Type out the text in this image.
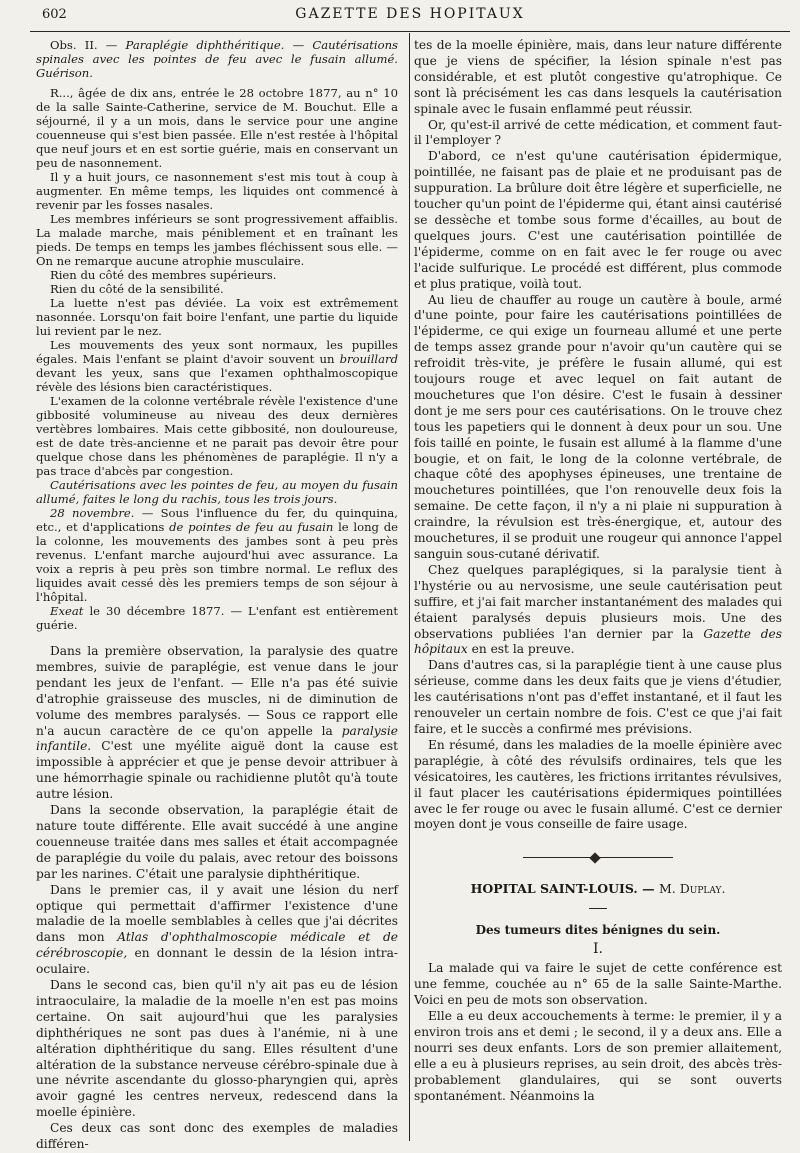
602	GAZETTE DES HOPITAUX

Obs. II. — Paraplégie diphthéritique. — Cautérisations spinales avec les pointes de feu avec le fusain allumé. Guérison.

R..., âgée de dix ans, entrée le 28 octobre 1877, au n° 10 de la salle Sainte-Catherine, service de M. Bouchut. Elle a séjourné, il y a un mois, dans le service pour une angine couenneuse qui s'est bien passée. Elle n'est restée à l'hôpital que neuf jours et en est sortie guérie, mais en conservant un peu de nasonnement.

Il y a huit jours, ce nasonnement s'est mis tout à coup à augmenter. En même temps, les liquides ont commencé à revenir par les fosses nasales.

Les membres inférieurs se sont progressivement affaiblis. La malade marche, mais péniblement et en traînant les pieds. De temps en temps les jambes fléchissent sous elle. — On ne remarque aucune atrophie musculaire.

Rien du côté des membres supérieurs.

Rien du côté de la sensibilité.

La luette n'est pas déviée. La voix est extrêmement nasonnée. Lorsqu'on fait boire l'enfant, une partie du liquide lui revient par le nez.

Les mouvements des yeux sont normaux, les pupilles égales. Mais l'enfant se plaint d'avoir souvent un brouillard devant les yeux, sans que l'examen ophthalmoscopique révèle des lésions bien caractéristiques.

L'examen de la colonne vertébrale révèle l'existence d'une gibbosité volumineuse au niveau des deux dernières vertèbres lombaires. Mais cette gibbosité, non douloureuse, est de date très-ancienne et ne parait pas devoir être pour quelque chose dans les phénomènes de paraplégie. Il n'y a pas trace d'abcès par congestion.

Cautérisations avec les pointes de feu, au moyen du fusain allumé, faites le long du rachis, tous les trois jours.

28 novembre. — Sous l'influence du fer, du quinquina, etc., et d'applications de pointes de feu au fusain le long de la colonne, les mouvements des jambes sont à peu près revenus. L'enfant marche aujourd'hui avec assurance. La voix a repris à peu près son timbre normal. Le reflux des liquides avait cessé dès les premiers temps de son séjour à l'hôpital.

Exeat le 30 décembre 1877. — L'enfant est entièrement guérie.

Dans la première observation, la paralysie des quatre membres, suivie de paraplégie, est venue dans le jour pendant les jeux de l'enfant. — Elle n'a pas été suivie d'atrophie graisseuse des muscles, ni de diminution de volume des membres paralysés. — Sous ce rapport elle n'a aucun caractère de ce qu'on appelle la paralysie infantile. C'est une myélite aiguë dont la cause est impossible à apprécier et que je pense devoir attribuer à une hémorrhagie spinale ou rachidienne plutôt qu'à toute autre lésion.

Dans la seconde observation, la paraplégie était de nature toute différente. Elle avait succédé à une angine couenneuse traitée dans mes salles et était accompagnée de paraplégie du voile du palais, avec retour des boissons par les narines. C'était une paralysie diphthéritique.

Dans le premier cas, il y avait une lésion du nerf optique qui permettait d'affirmer l'existence d'une maladie de la moelle semblables à celles que j'ai décrites dans mon Atlas d'ophthalmoscopie médicale et de cérébroscopie, en donnant le dessin de la lésion intra-oculaire.

Dans le second cas, bien qu'il n'y ait pas eu de lésion intraoculaire, la maladie de la moelle n'en est pas moins certaine. On sait aujourd'hui que les paralysies diphthériques ne sont pas dues à l'anémie, ni à une altération diphthéritique du sang. Elles résultent d'une altération de la substance nerveuse cérébro-spinale due à une névrite ascendante du glosso-pharyngien qui, après avoir gagné les centres nerveux, redescend dans la moelle épinière.

Ces deux cas sont donc des exemples de maladies différen-

tes de la moelle épinière, mais, dans leur nature différente que je viens de spécifier, la lésion spinale n'est pas considérable, et est plutôt congestive qu'atrophique. Ce sont là précisément les cas dans lesquels la cautérisation spinale avec le fusain enflammé peut réussir.

Or, qu'est-il arrivé de cette médication, et comment faut-il l'employer ?

D'abord, ce n'est qu'une cautérisation épidermique, pointillée, ne faisant pas de plaie et ne produisant pas de suppuration. La brûlure doit être légère et superficielle, ne toucher qu'un point de l'épiderme qui, étant ainsi cautérisé se dessèche et tombe sous forme d'écailles, au bout de quelques jours. C'est une cautérisation pointillée de l'épiderme, comme on en fait avec le fer rouge ou avec l'acide sulfurique. Le procédé est différent, plus commode et plus pratique, voilà tout.

Au lieu de chauffer au rouge un cautère à boule, armé d'une pointe, pour faire les cautérisations pointillées de l'épiderme, ce qui exige un fourneau allumé et une perte de temps assez grande pour n'avoir qu'un cautère qui se refroidit très-vite, je préfère le fusain allumé, qui est toujours rouge et avec lequel on fait autant de mouchetures que l'on désire. C'est le fusain à dessiner dont je me sers pour ces cautérisations. On le trouve chez tous les papetiers qui le donnent à deux pour un sou. Une fois taillé en pointe, le fusain est allumé à la flamme d'une bougie, et on fait, le long de la colonne vertébrale, de chaque côté des apophyses épineuses, une trentaine de mouchetures pointillées, que l'on renouvelle deux fois la semaine. De cette façon, il n'y a ni plaie ni suppuration à craindre, la révulsion est très-énergique, et, autour des mouchetures, il se produit une rougeur qui annonce l'appel sanguin sous-cutané dérivatif.

Chez quelques paraplégiques, si la paralysie tient à l'hystérie ou au nervosisme, une seule cautérisation peut suffire, et j'ai fait marcher instantanément des malades qui étaient paralysés depuis plusieurs mois. Une des observations publiées l'an dernier par la Gazette des hôpitaux en est la preuve.

Dans d'autres cas, si la paraplégie tient à une cause plus sérieuse, comme dans les deux faits que je viens d'étudier, les cautérisations n'ont pas d'effet instantané, et il faut les renouveler un certain nombre de fois. C'est ce que j'ai fait faire, et le succès a confirmé mes prévisions.

En résumé, dans les maladies de la moelle épinière avec paraplégie, à côté des révulsifs ordinaires, tels que les vésicatoires, les cautères, les frictions irritantes révulsives, il faut placer les cautérisations épidermiques pointillées avec le fer rouge ou avec le fusain allumé. C'est ce dernier moyen dont je vous conseille de faire usage.

HOPITAL SAINT-LOUIS. — M. Duplay.
Des tumeurs dites bénignes du sein.
I.

La malade qui va faire le sujet de cette conférence est une femme, couchée au n° 65 de la salle Sainte-Marthe. Voici en peu de mots son observation.

Elle a eu deux accouchements à terme: le premier, il y a environ trois ans et demi ; le second, il y a deux ans. Elle a nourri ses deux enfants. Lors de son premier allaitement, elle a eu à plusieurs reprises, au sein droit, des abcès très-probablement glandulaires, qui se sont ouverts spontanément. Néanmoins la
